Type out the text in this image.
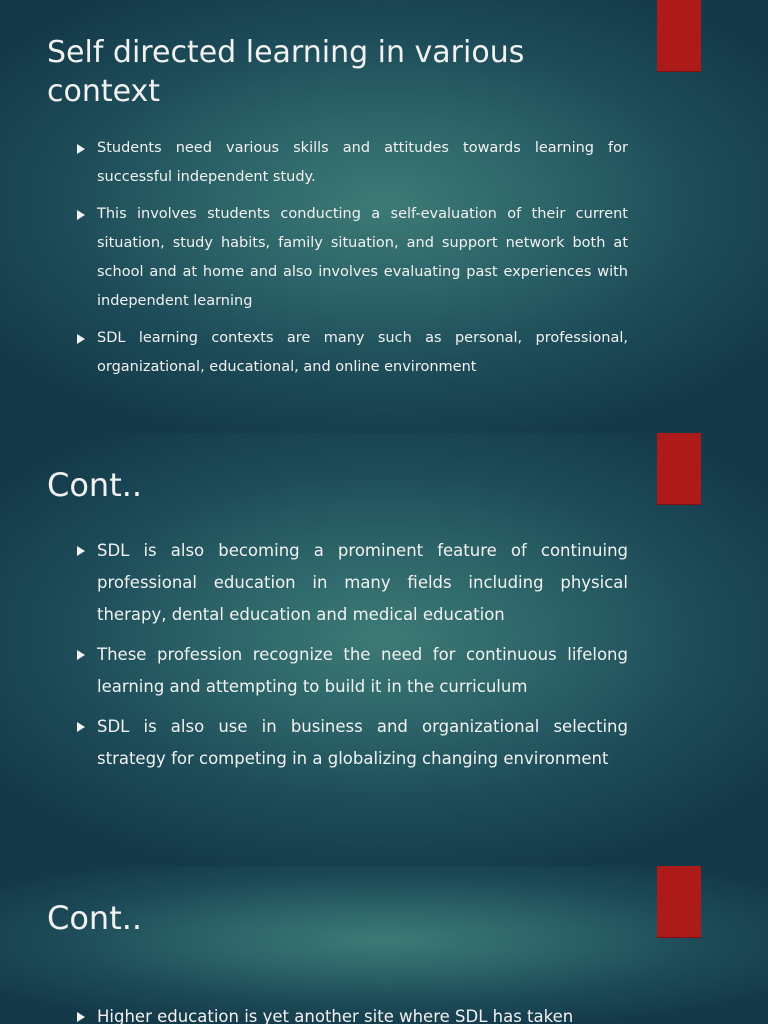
Self directed learning in various context
Students need various skills and attitudes towards learning for successful independent study.
This involves students conducting a self-evaluation of their current situation, study habits, family situation, and support network both at school and at home and also involves evaluating past experiences with independent learning
SDL learning contexts are many such as personal, professional, organizational, educational, and online environment
Cont..
SDL is also becoming a prominent feature of continuing professional education in many fields including physical therapy, dental education and medical education
These profession recognize the need for continuous lifelong learning and attempting to build it in the curriculum
SDL is also use in business and organizational selecting strategy for competing in a globalizing changing environment
Cont..
Higher education is yet another site where SDL has taken
